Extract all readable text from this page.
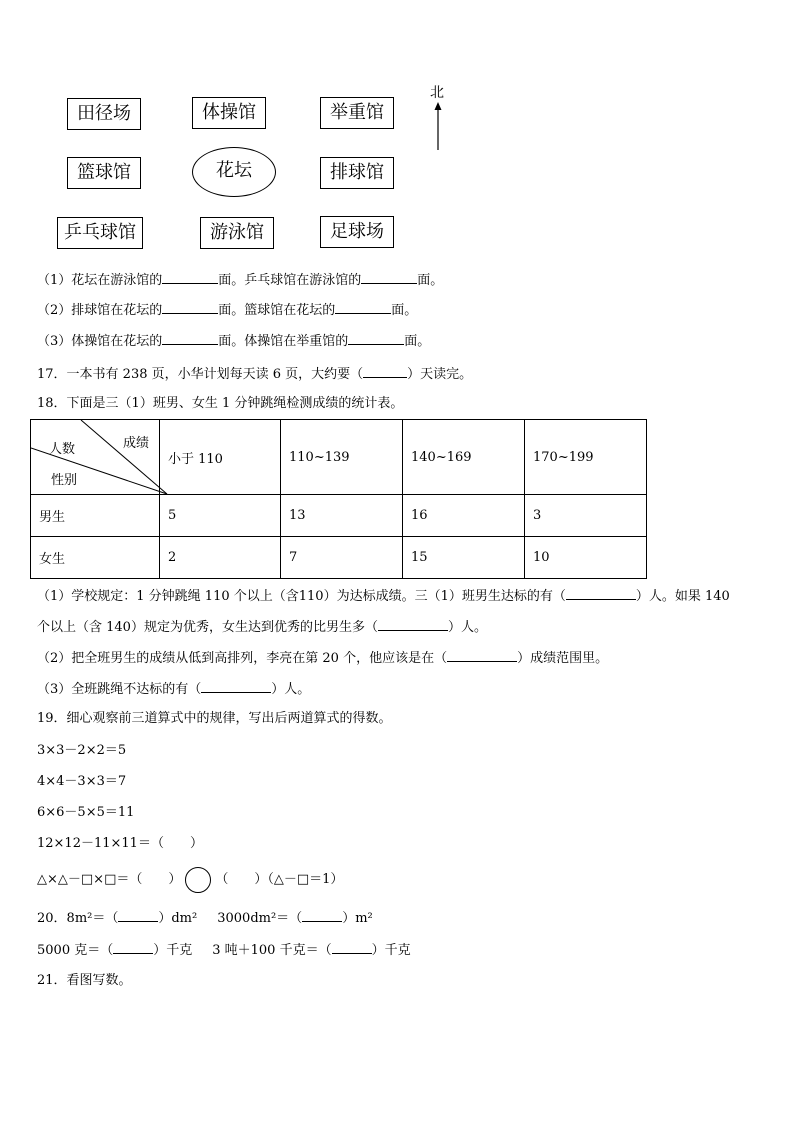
田径场	体操馆	举重馆
篮球馆	花坛	排球馆
乒乓球馆	游泳馆	足球场
北
（1）花坛在游泳馆的	面。乒乓球馆在游泳馆的	面。
（2）排球馆在花坛的	面。篮球馆在花坛的	面。
（3）体操馆在花坛的	面。体操馆在举重馆的	面。
17．一本书有 238 页，小华计划每天读 6 页，大约要（	）天读完。
18．下面是三（1）班男、女生 1 分钟跳绳检测成绩的统计表。
成绩
人数
性别	小于 110	110~139	140~169	170~199
男生	5	13	16	3
女生	2	7	15	10
（1）学校规定：1 分钟跳绳 110 个以上（含110）为达标成绩。三（1）班男生达标的有（	）人。如果 140
个以上（含 140）规定为优秀，女生达到优秀的比男生多（	）人。
（2）把全班男生的成绩从低到高排列，李亮在第 20 个，他应该是在（	）成绩范围里。
（3）全班跳绳不达标的有（	）人。
19．细心观察前三道算式中的规律，写出后两道算式的得数。
3×3－2×2＝5
4×4－3×3＝7
6×6－5×5＝11
12×12－11×11＝（　　）
△×△－□×□＝（　　）	（　　）（△－□＝1）
20．8m²＝（	）dm² 3000dm²＝（	）m²
5000 克＝（	）千克 3 吨＋100 千克＝（	）千克
21．看图写数。
